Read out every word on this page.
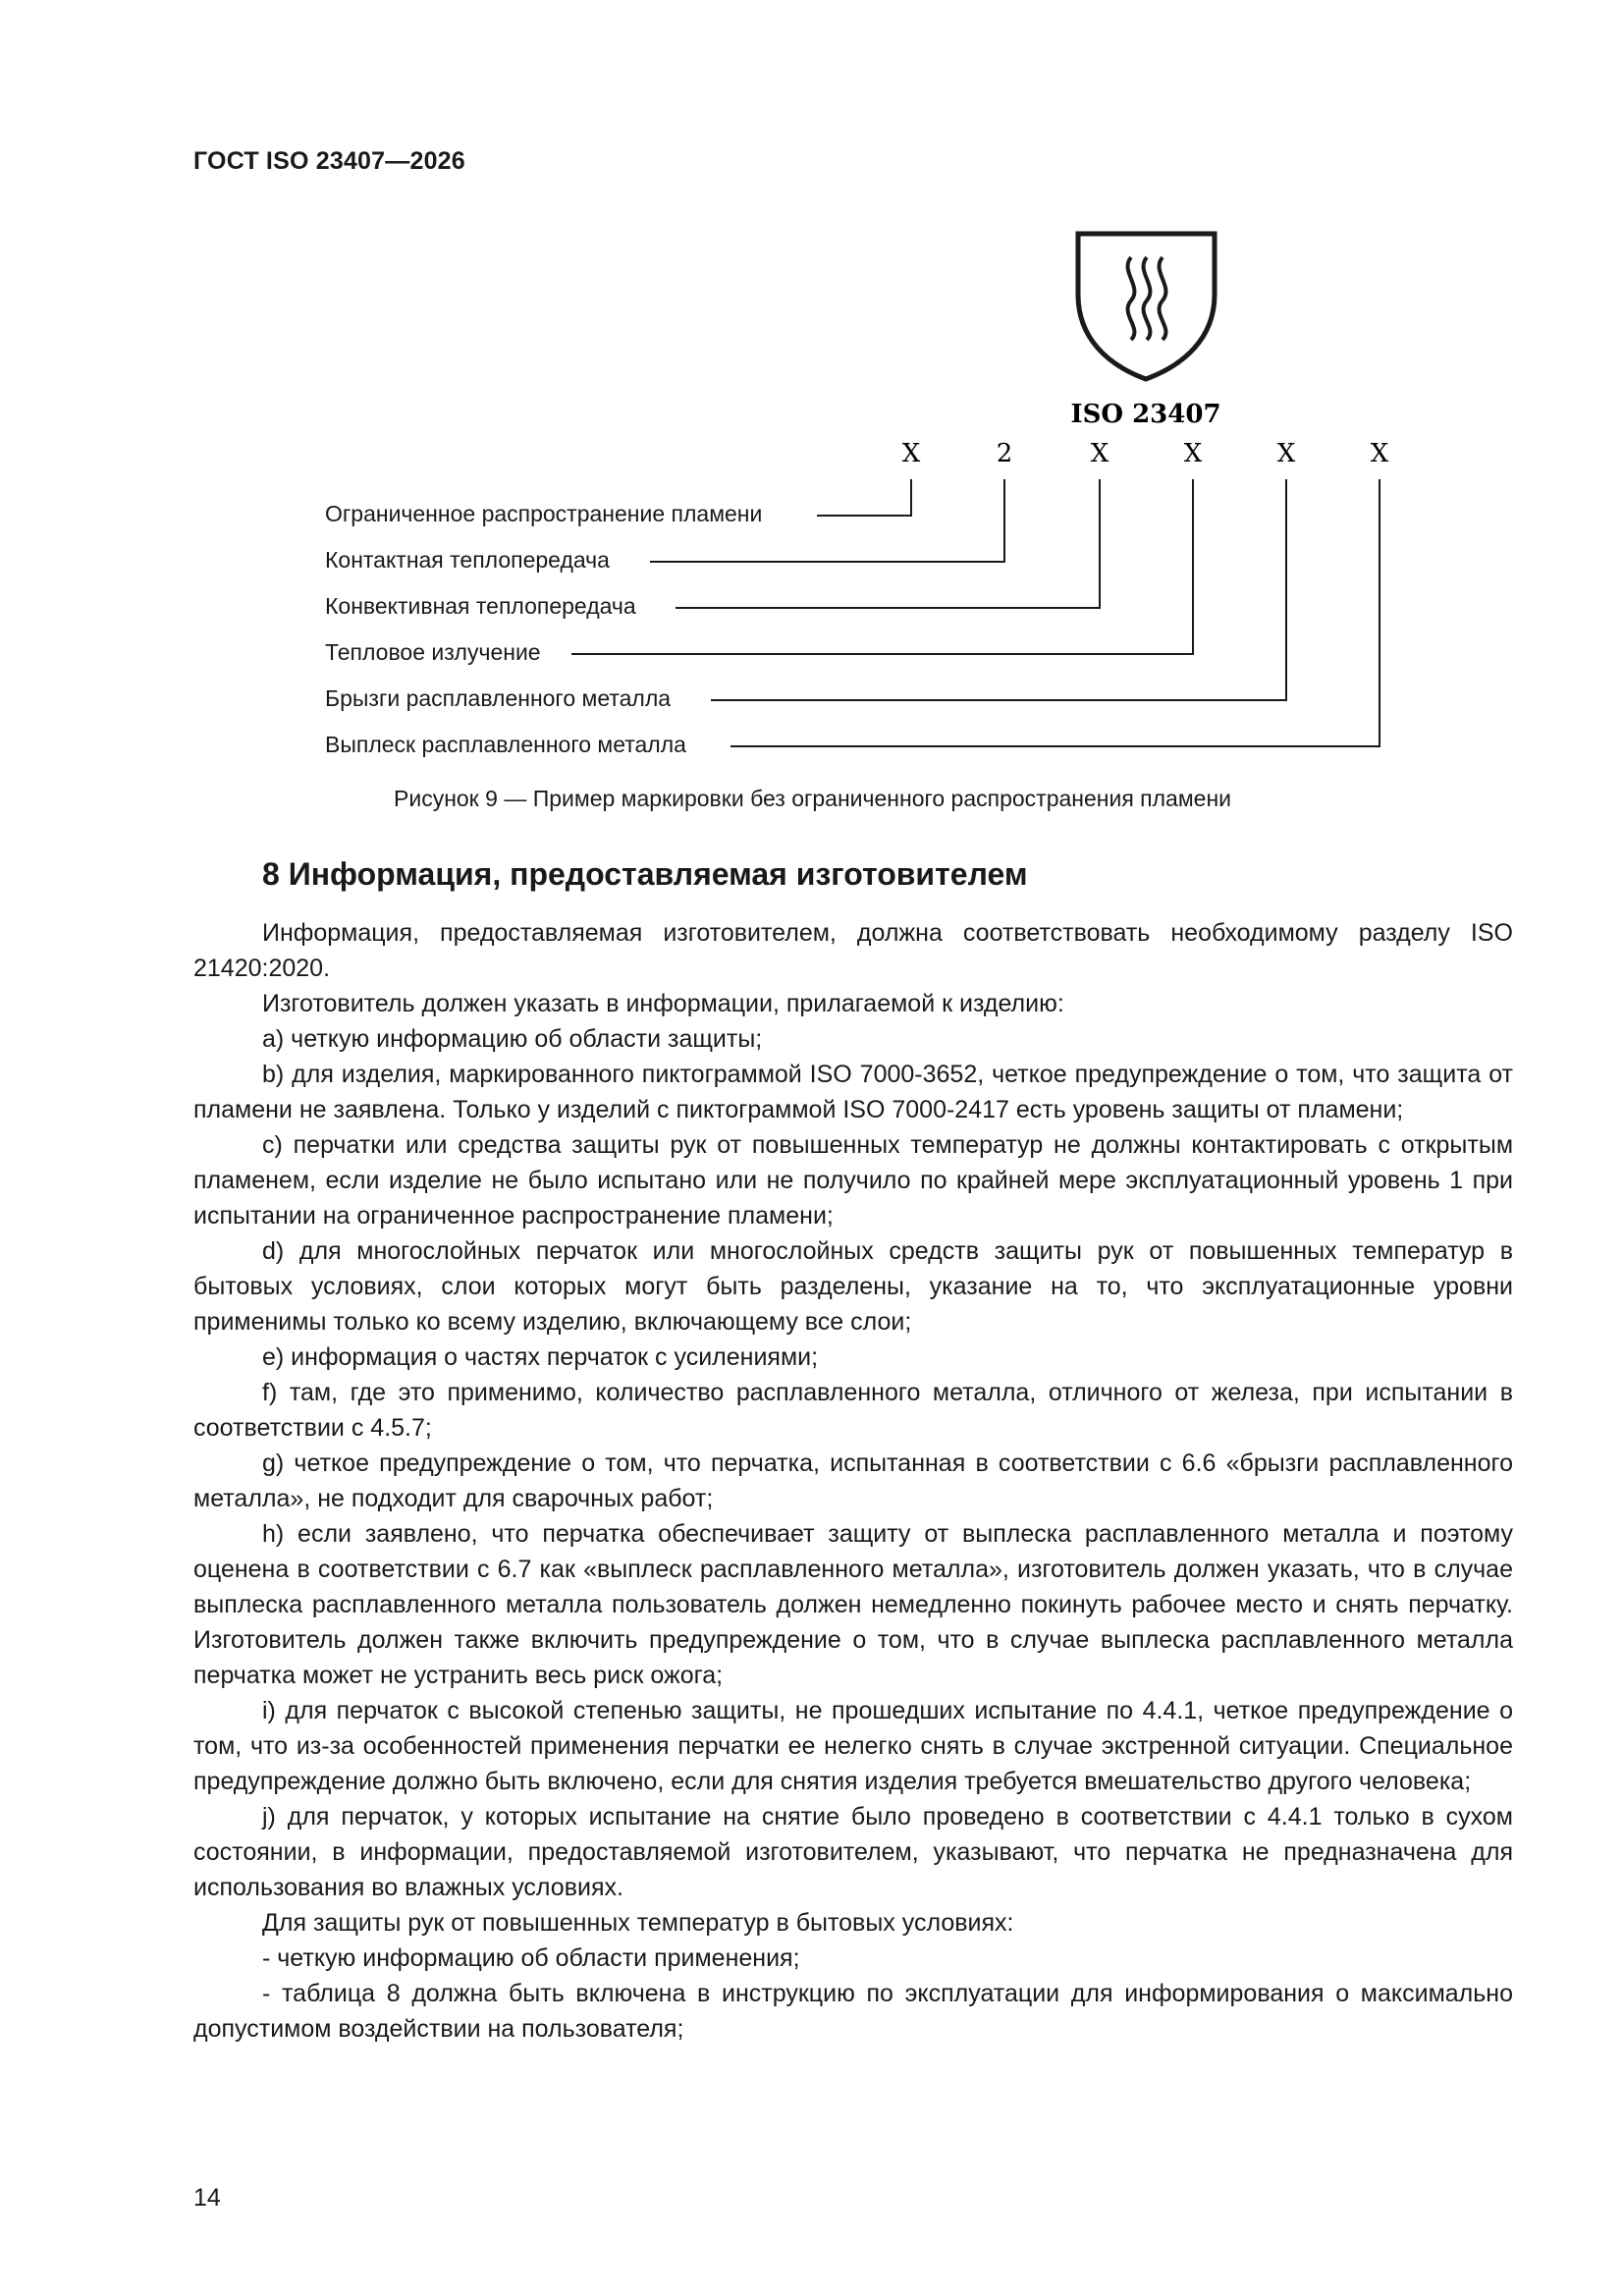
ГОСТ ISO 23407—2026
ISO 23407
X	2	X	X	X	X
Ограниченное распространение пламени
Контактная теплопередача
Конвективная теплопередача
Тепловое излучение
Брызги расплавленного металла
Выплеск расплавленного металла
Рисунок 9 — Пример маркировки без ограниченного распространения пламени
8 Информация, предоставляемая изготовителем

Информация, предоставляемая изготовителем, должна соответствовать необходимому разделу ISO 21420:2020.

Изготовитель должен указать в информации, прилагаемой к изделию:

a) четкую информацию об области защиты;

b) для изделия, маркированного пиктограммой ISO 7000-3652, четкое предупреждение о том, что защита от пламени не заявлена. Только у изделий с пиктограммой ISO 7000-2417 есть уровень защиты от пламени;

c) перчатки или средства защиты рук от повышенных температур не должны контактировать с открытым пламенем, если изделие не было испытано или не получило по крайней мере эксплуатационный уровень 1 при испытании на ограниченное распространение пламени;

d) для многослойных перчаток или многослойных средств защиты рук от повышенных температур в бытовых условиях, слои которых могут быть разделены, указание на то, что эксплуатационные уровни применимы только ко всему изделию, включающему все слои;

e) информация о частях перчаток с усилениями;

f) там, где это применимо, количество расплавленного металла, отличного от железа, при испытании в соответствии с 4.5.7;

g) четкое предупреждение о том, что перчатка, испытанная в соответствии с 6.6 «брызги расплавленного металла», не подходит для сварочных работ;

h) если заявлено, что перчатка обеспечивает защиту от выплеска расплавленного металла и поэтому оценена в соответствии с 6.7 как «выплеск расплавленного металла», изготовитель должен указать, что в случае выплеска расплавленного металла пользователь должен немедленно покинуть рабочее место и снять перчатку. Изготовитель должен также включить предупреждение о том, что в случае выплеска расплавленного металла перчатка может не устранить весь риск ожога;

i) для перчаток с высокой степенью защиты, не прошедших испытание по 4.4.1, четкое предупреждение о том, что из-за особенностей применения перчатки ее нелегко снять в случае экстренной ситуации. Специальное предупреждение должно быть включено, если для снятия изделия требуется вмешательство другого человека;

j) для перчаток, у которых испытание на снятие было проведено в соответствии с 4.4.1 только в сухом состоянии, в информации, предоставляемой изготовителем, указывают, что перчатка не предназначена для использования во влажных условиях.

Для защиты рук от повышенных температур в бытовых условиях:

- четкую информацию об области применения;

- таблица 8 должна быть включена в инструкцию по эксплуатации для информирования о максимально допустимом воздействии на пользователя;

14
